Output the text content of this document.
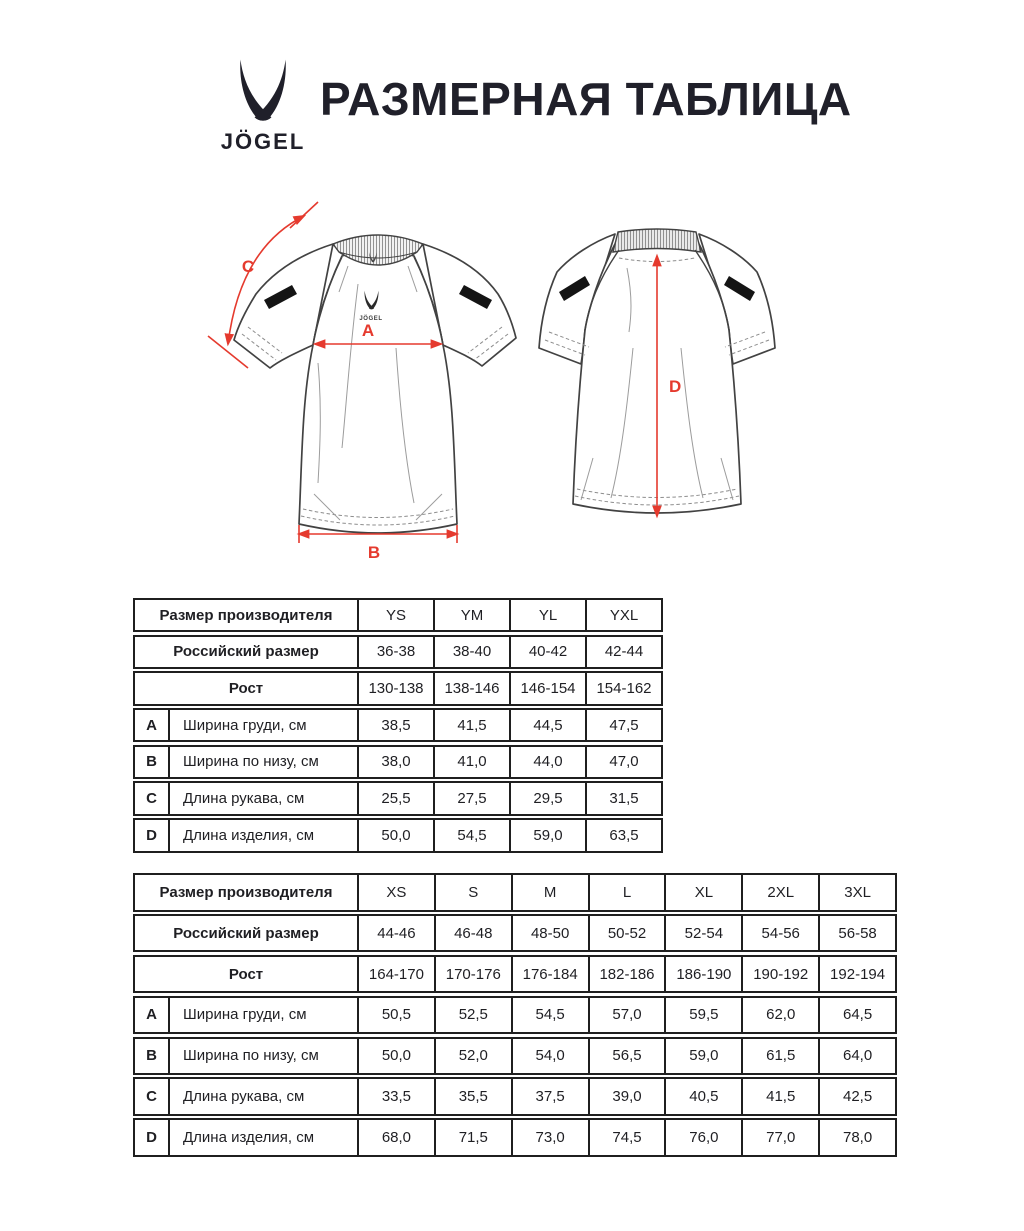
JÖGEL
РАЗМЕРНАЯ ТАБЛИЦА
JÖGEL
A
B
C
D
Размер производителя	YS	YM	YL	YXL
Российский размер	36-38	38-40	40-42	42-44
Рост	130-138	138-146	146-154	154-162
A	Ширина груди, см	38,5	41,5	44,5	47,5
B	Ширина по низу, см	38,0	41,0	44,0	47,0
C	Длина рукава, см	25,5	27,5	29,5	31,5
D	Длина изделия, см	50,0	54,5	59,0	63,5
Размер производителя	XS	S	M	L	XL	2XL	3XL
Российский размер	44-46	46-48	48-50	50-52	52-54	54-56	56-58
Рост	164-170	170-176	176-184	182-186	186-190	190-192	192-194
A	Ширина груди, см	50,5	52,5	54,5	57,0	59,5	62,0	64,5
B	Ширина по низу, см	50,0	52,0	54,0	56,5	59,0	61,5	64,0
C	Длина рукава, см	33,5	35,5	37,5	39,0	40,5	41,5	42,5
D	Длина изделия, см	68,0	71,5	73,0	74,5	76,0	77,0	78,0
